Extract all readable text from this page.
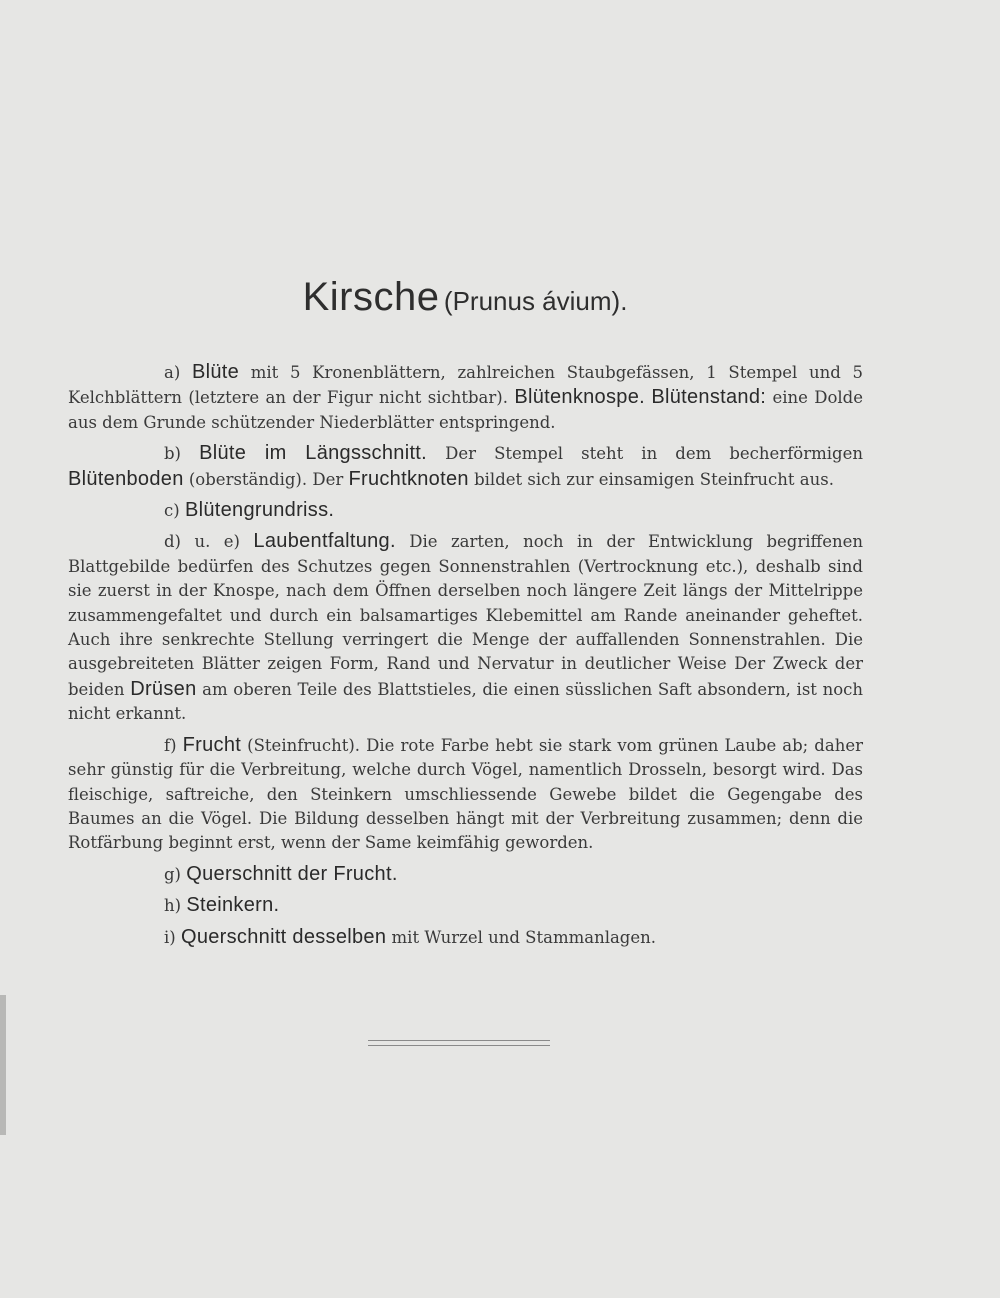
Kirsche (Prunus ávium).

a) Blüte mit 5 Kronenblättern, zahlreichen Staubgefässen, 1 Stempel und 5 Kelchblättern (letztere an der Figur nicht sichtbar). Blütenknospe. Blütenstand: eine Dolde aus dem Grunde schützender Niederblätter entspringend.

b) Blüte im Längsschnitt. Der Stempel steht in dem becherförmigen Blütenboden (oberständig). Der Fruchtknoten bildet sich zur einsamigen Steinfrucht aus.

c) Blütengrundriss.

d) u. e) Laubentfaltung. Die zarten, noch in der Entwicklung begriffenen Blattgebilde bedürfen des Schutzes gegen Sonnenstrahlen (Vertrocknung etc.), deshalb sind sie zuerst in der Knospe, nach dem Öffnen derselben noch längere Zeit längs der Mittelrippe zusammengefaltet und durch ein balsamartiges Klebemittel am Rande aneinander geheftet. Auch ihre senkrechte Stellung verringert die Menge der auffallenden Sonnenstrahlen. Die ausgebreiteten Blätter zeigen Form, Rand und Nervatur in deutlicher Weise Der Zweck der beiden Drüsen am oberen Teile des Blattstieles, die einen süsslichen Saft absondern, ist noch nicht erkannt.

f) Frucht (Steinfrucht). Die rote Farbe hebt sie stark vom grünen Laube ab; daher sehr günstig für die Verbreitung, welche durch Vögel, namentlich Drosseln, besorgt wird. Das fleischige, saftreiche, den Steinkern umschliessende Gewebe bildet die Gegengabe des Baumes an die Vögel. Die Bildung desselben hängt mit der Verbreitung zusammen; denn die Rotfärbung beginnt erst, wenn der Same keimfähig geworden.

g) Querschnitt der Frucht.

h) Steinkern.

i) Querschnitt desselben mit Wurzel und Stammanlagen.
